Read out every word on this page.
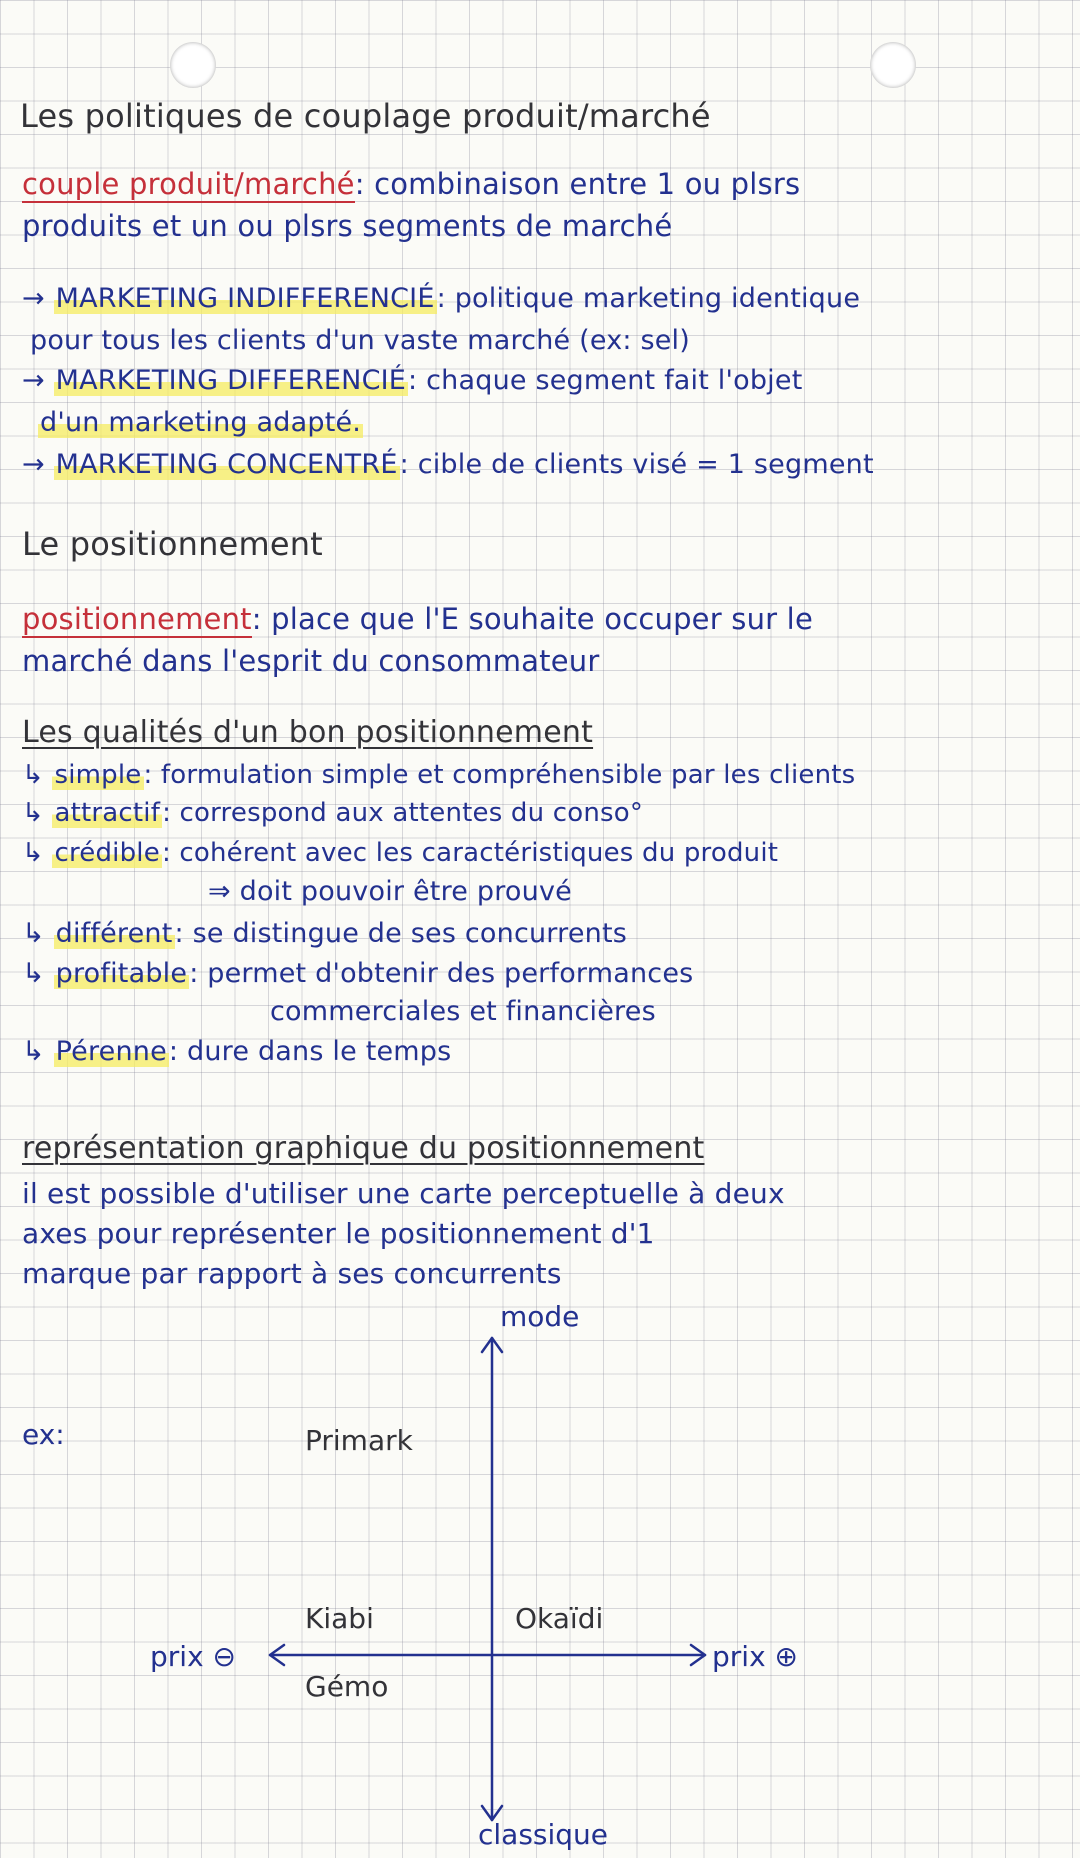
Les politiques de couplage produit/marché
couple produit/marché: combinaison entre 1 ou plsrs
produits et un ou plsrs segments de marché
→ MARKETING INDIFFERENCIÉ: politique marketing identique
pour tous les clients d'un vaste marché (ex: sel)
→ MARKETING DIFFERENCIÉ: chaque segment fait l'objet
d'un marketing adapté.
→ MARKETING CONCENTRÉ: cible de clients visé = 1 segment
Le positionnement
positionnement: place que l'E souhaite occuper sur le
marché dans l'esprit du consommateur
Les qualités d'un bon positionnement
↳ simple: formulation simple et compréhensible par les clients
↳ attractif: correspond aux attentes du conso°
↳ crédible: cohérent avec les caractéristiques du produit
⇒ doit pouvoir être prouvé
↳ différent: se distingue de ses concurrents
↳ profitable: permet d'obtenir des performances
commerciales et financières
↳ Pérenne: dure dans le temps
représentation graphique du positionnement
il est possible d'utiliser une carte perceptuelle à deux
axes pour représenter le positionnement d'1
marque par rapport à ses concurrents
ex:
mode
classique
prix ⊖	prix ⊕
Primark
Kiabi	Okaïdi
Gémo
